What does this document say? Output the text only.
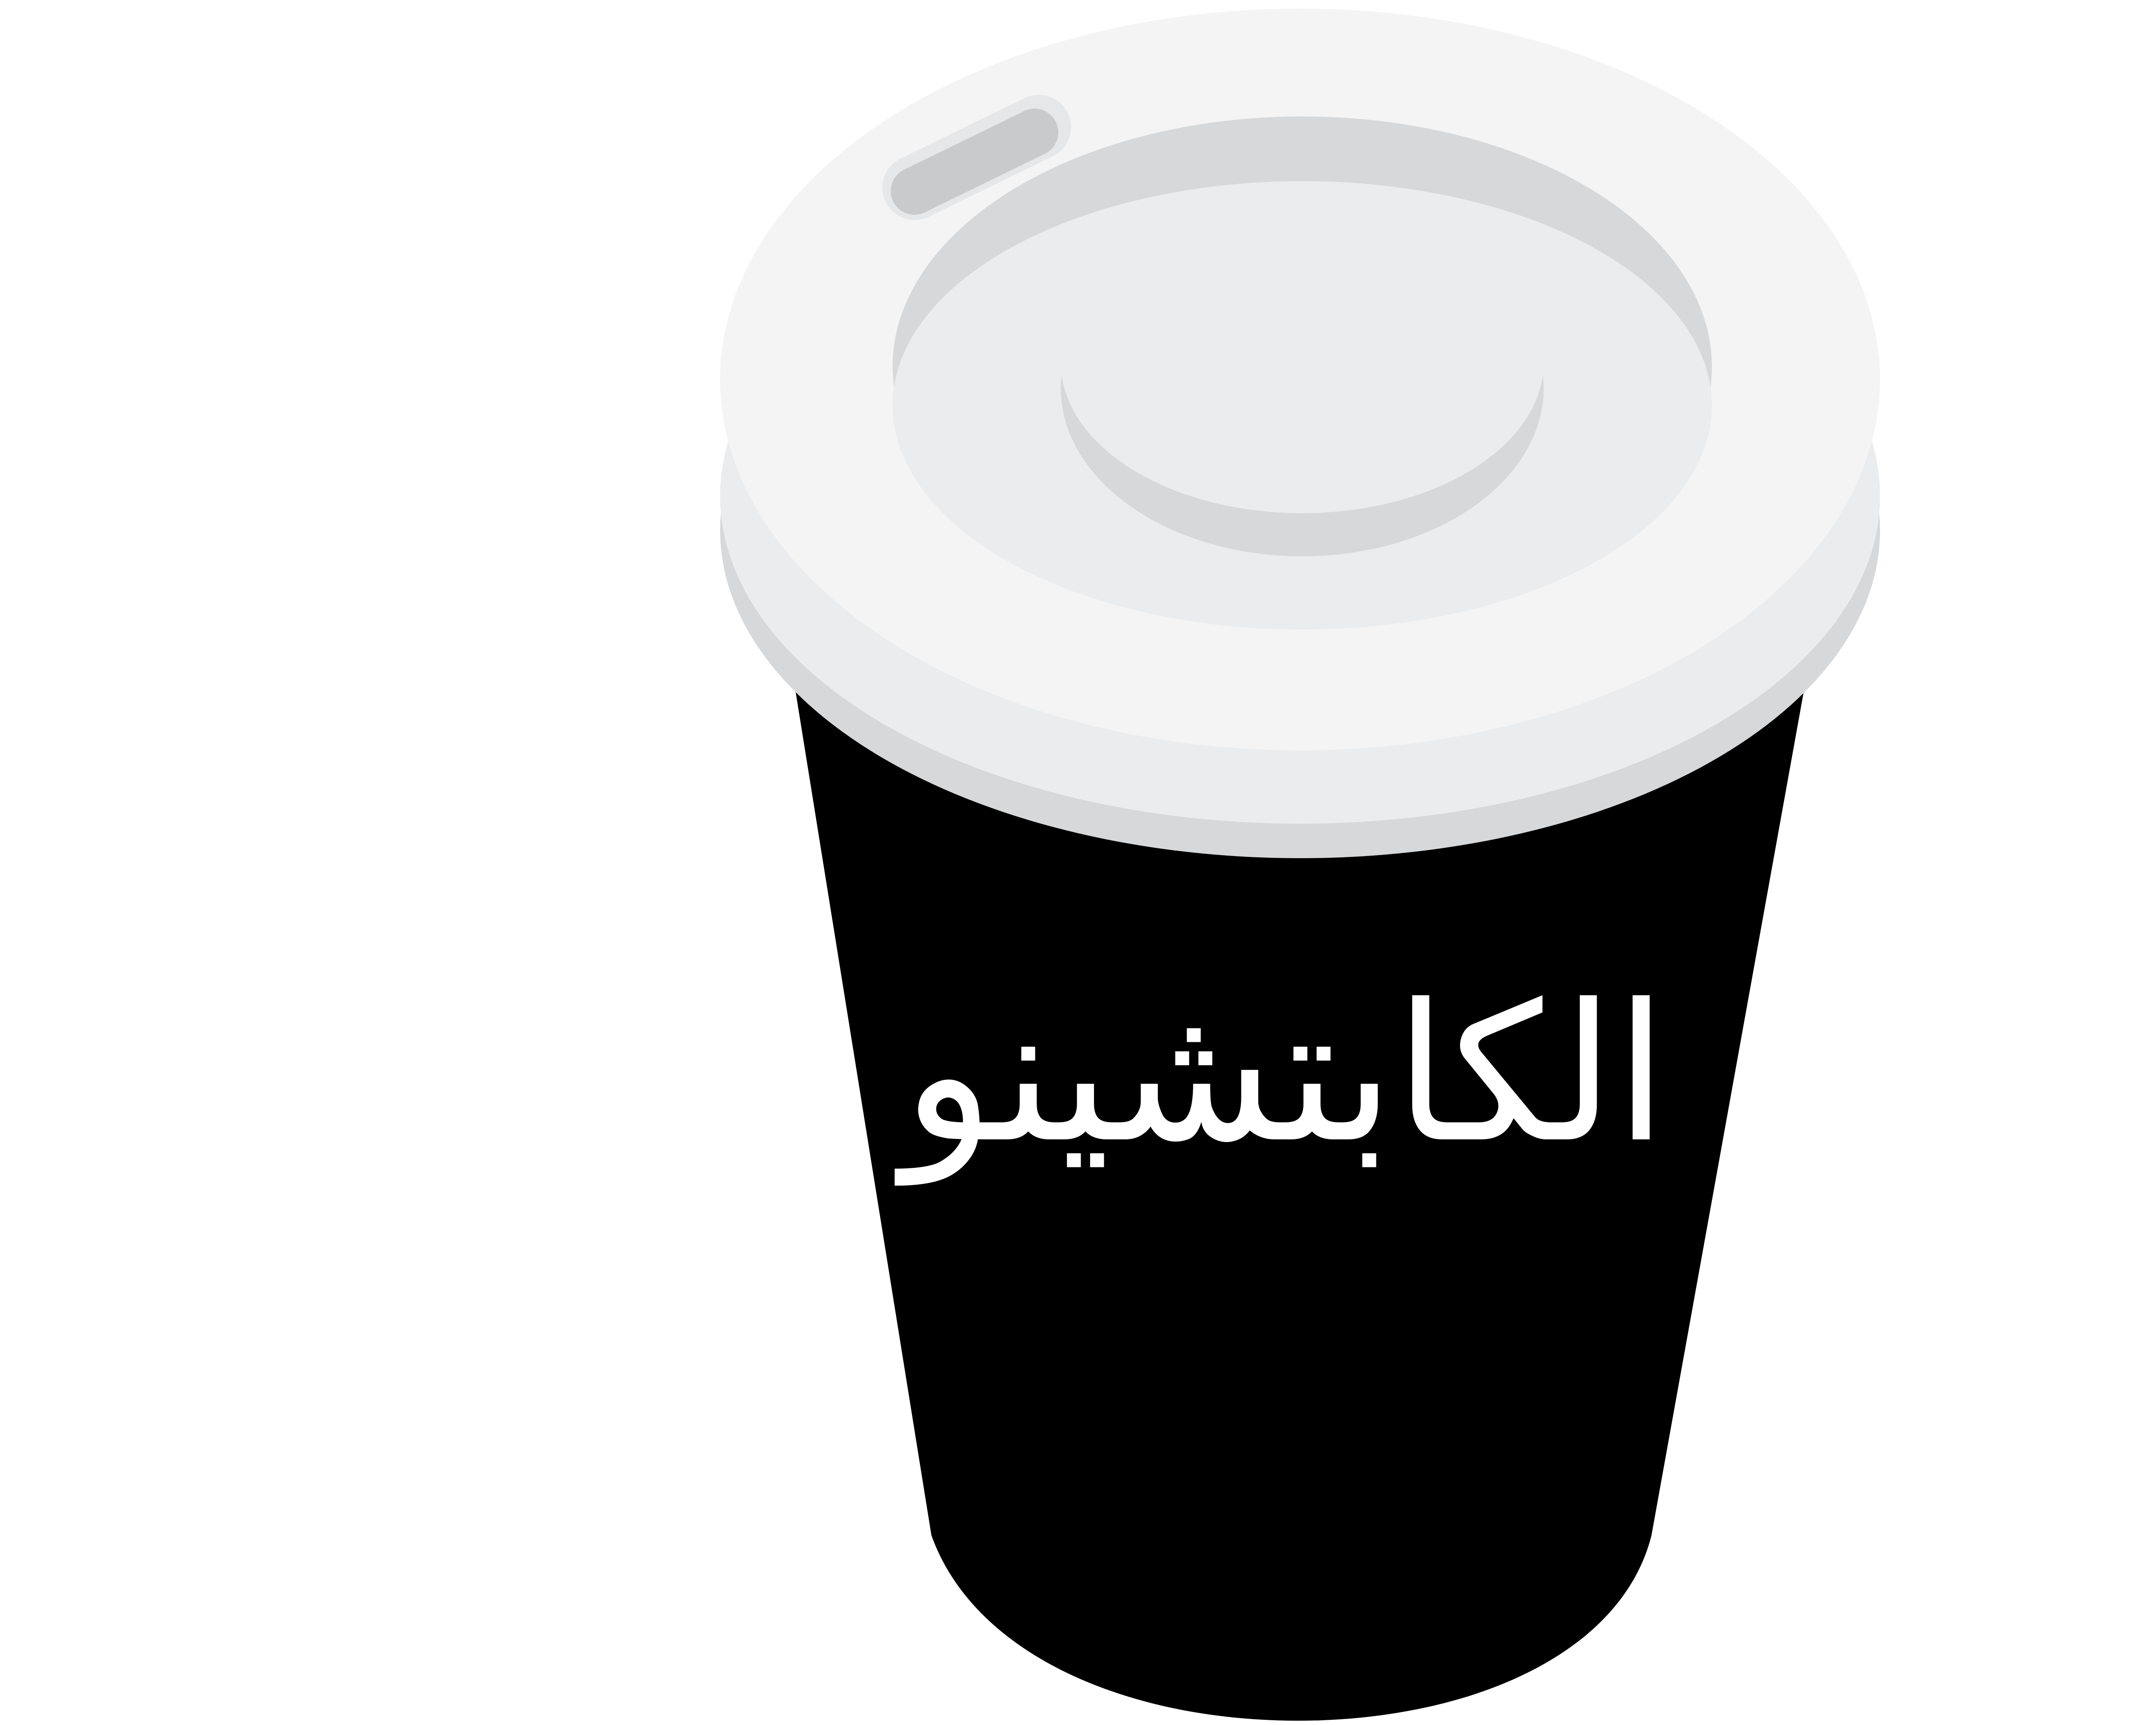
الكابتشينو
